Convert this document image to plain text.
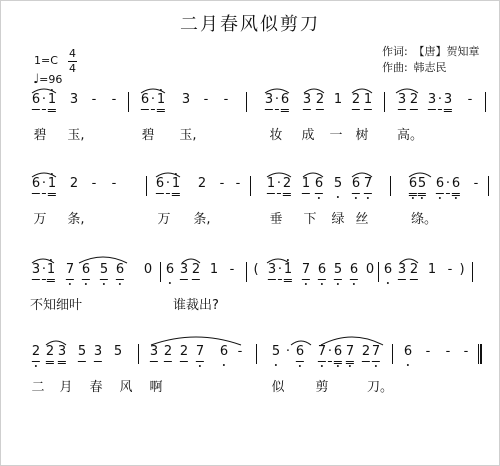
二月春风似剪刀
作词: 【唐】贺知章
作曲: 韩志民
1=C
4
4
♩=96
6 · 1 3 - - 6 · 1 3 - -	3 · 6 3 2 1 2 1 3 2 3 · 3 -
碧 玉,	碧 玉,	妆 成 一 树 高。
6 · 1 2 - -	6 · 1 2 - - 1 · 2 1 6 5 6 7	6 5 6 · 6 -
万 条,	万 条,	垂 下 绿 丝	绦。
3 · 1 7 6 5 6 0 6 3 2 1 - ( 3 · 1 7 6 5 6 0 6 3 2 1 - )
不知细叶	谁裁出?
2 2 3 5 3 5 3 2 2 7 6 - 5 · 6 7 · 6 7 2 7 6 - - -
二 月 春 风 啊	似 剪	刀。
